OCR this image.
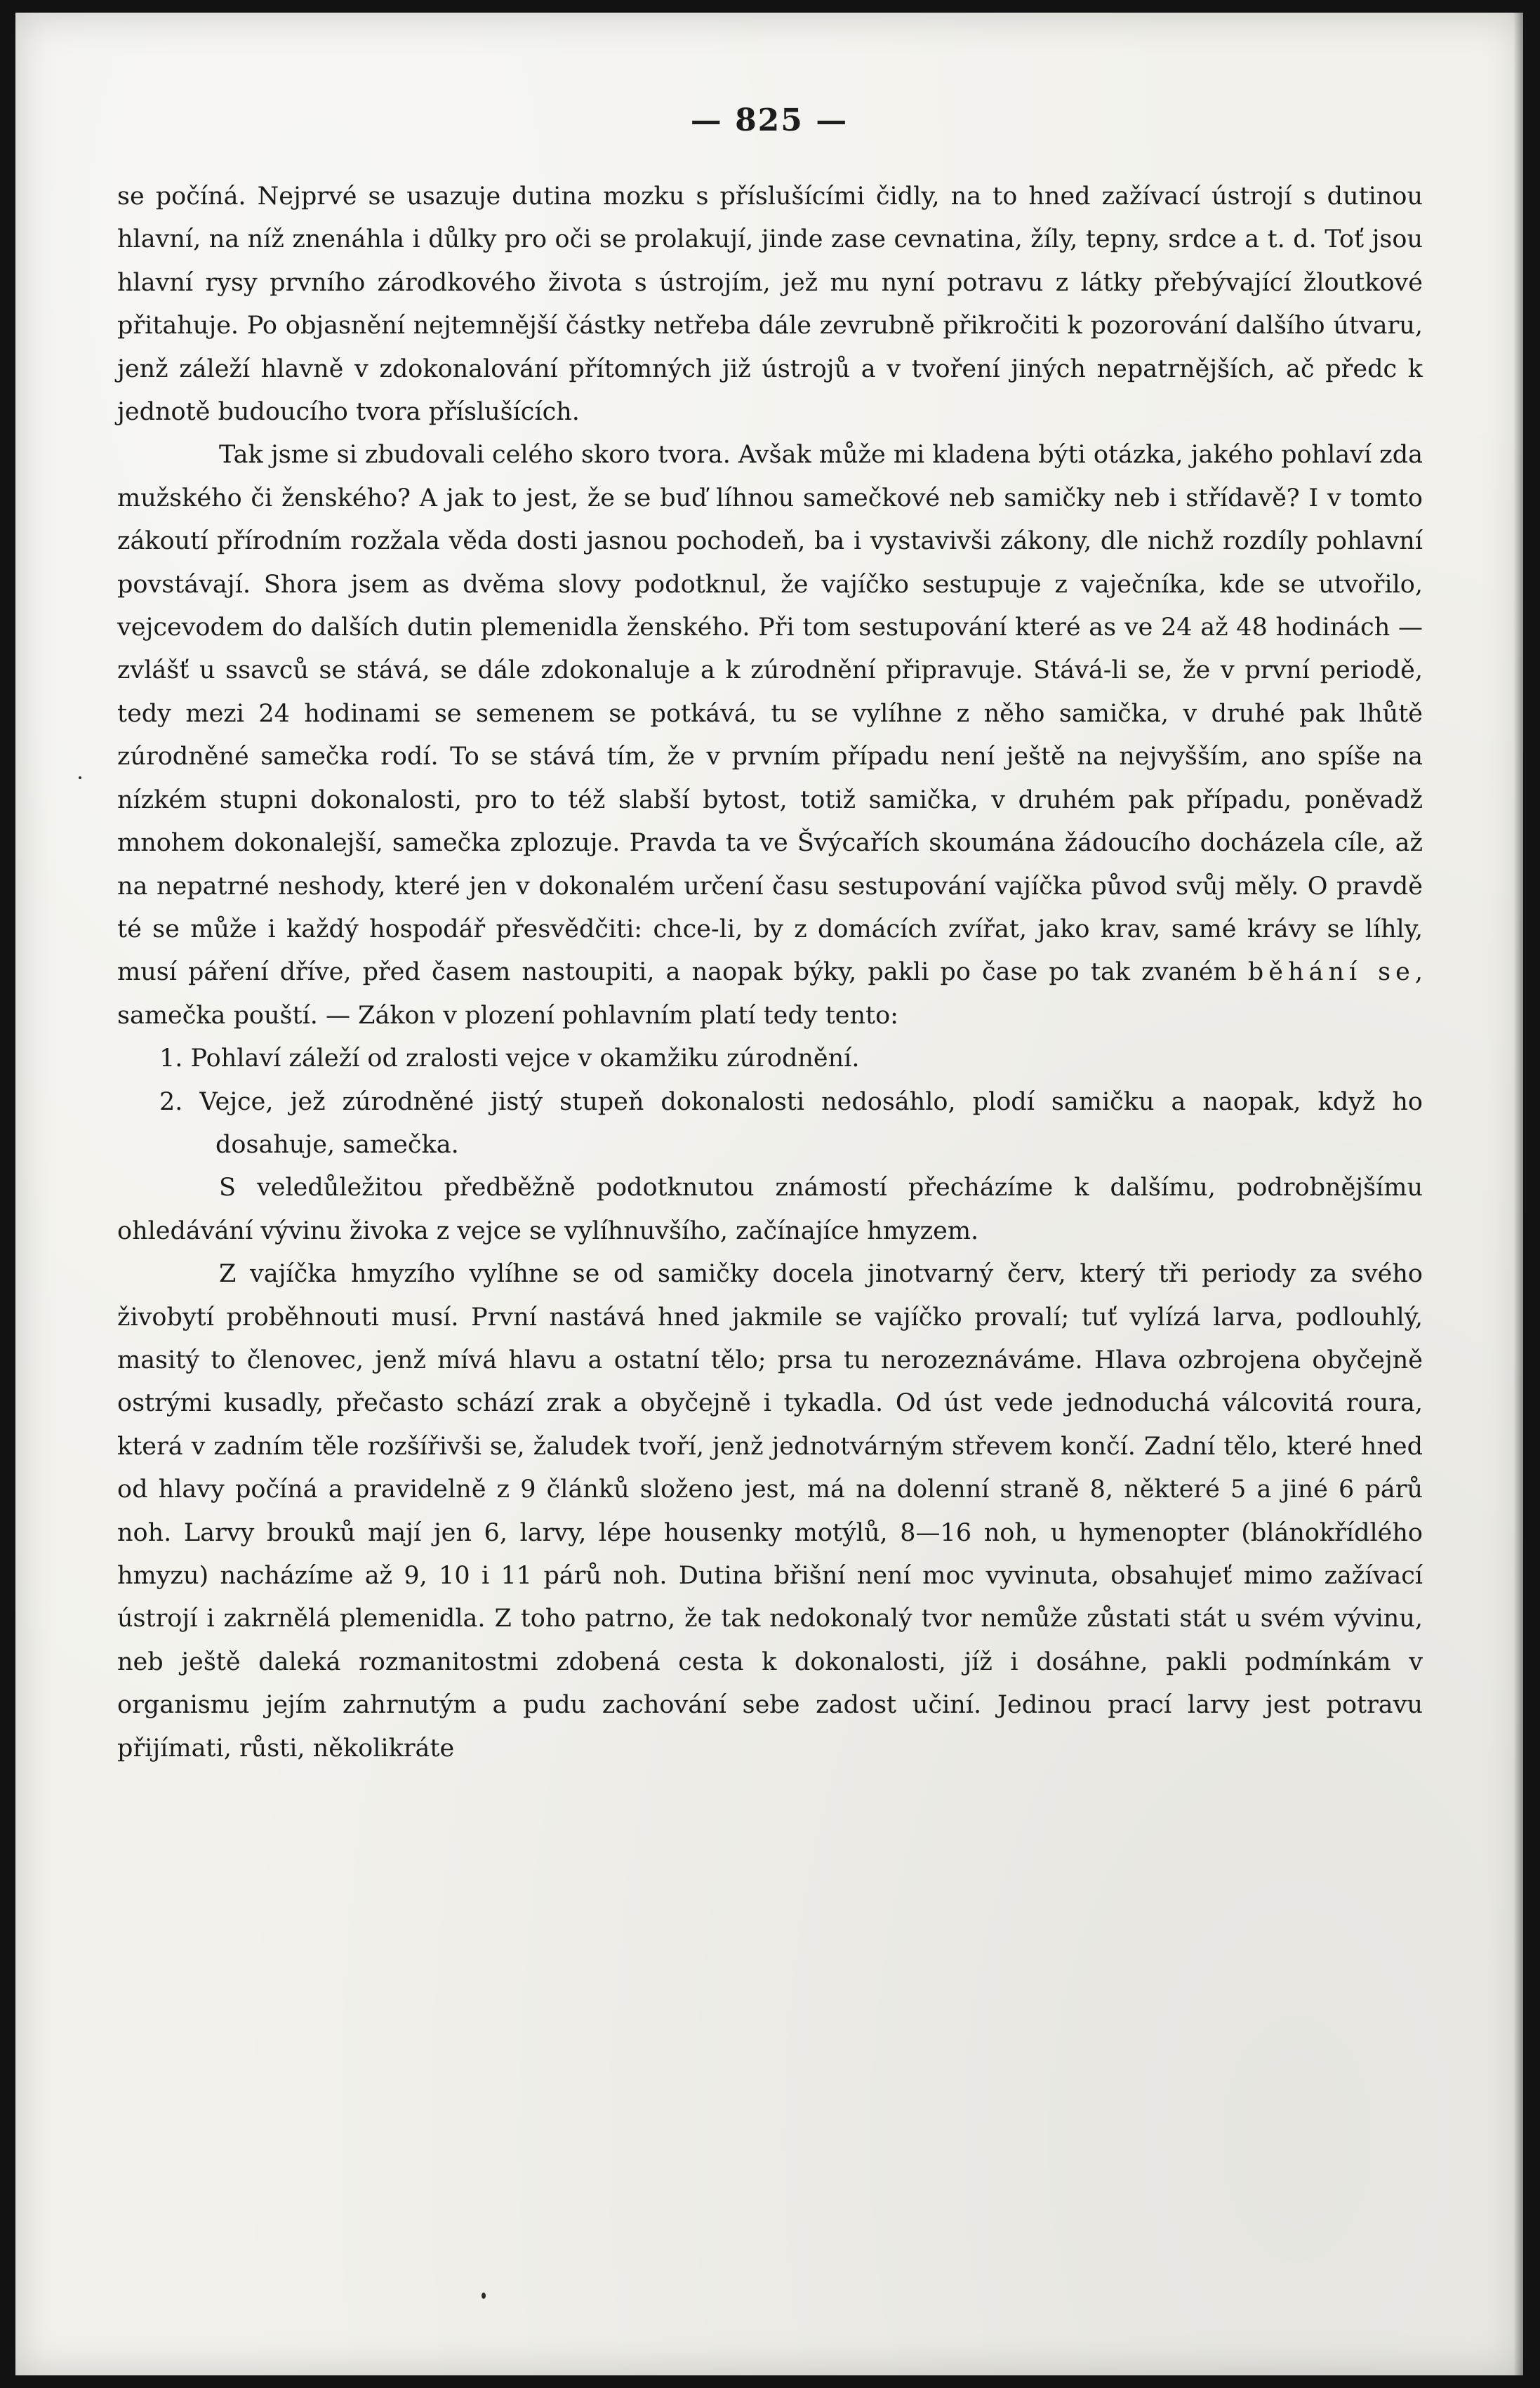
— 825 —

se počíná. Nejprvé se usazuje dutina mozku s příslušícími čidly, na to hned zažívací ústrojí s dutinou hlavní, na níž znenáhla i důlky pro oči se prolakují, jinde zase cevnatina, žíly, tepny, srdce a t. d. Toť jsou hlavní rysy prvního zárodkového života s ústrojím, jež mu nyní potravu z látky přebývající žloutkové přitahuje. Po objasnění nejtemnější částky netřeba dále zevrubně přikročiti k pozorování dalšího útvaru, jenž záleží hlavně v zdokonalování přítomných již ústrojů a v tvoření jiných nepatrnějších, ač předc k jednotě budoucího tvora příslušících.

Tak jsme si zbudovali celého skoro tvora. Avšak může mi kladena býti otázka, jakého pohlaví zda mužského či ženského? A jak to jest, že se buď líhnou samečkové neb samičky neb i střídavě? I v tomto zákoutí přírodním rozžala věda dosti jasnou pochodeň, ba i vystavivši zákony, dle nichž rozdíly pohlavní povstávají. Shora jsem as dvěma slovy podotknul, že vajíčko sestupuje z vaječníka, kde se utvořilo, vejcevodem do dalších dutin plemenidla ženského. Při tom sestupování které as ve 24 až 48 hodinách — zvlášť u ssavců se stává, se dále zdokonaluje a k zúrodnění připravuje. Stává-li se, že v první periodě, tedy mezi 24 hodinami se semenem se potkává, tu se vylíhne z něho samička, v druhé pak lhůtě zúrodněné samečka rodí. To se stává tím, že v prvním případu není ještě na nejvyšším, ano spíše na nízkém stupni dokonalosti, pro to též slabší bytost, totiž samička, v druhém pak případu, poněvadž mnohem dokonalejší, samečka zplozuje. Pravda ta ve Švýcařích skoumána žádoucího docházela cíle, až na nepatrné neshody, které jen v dokonalém určení času sestupování vajíčka původ svůj měly. O pravdě té se může i každý hospodář přesvědčiti: chce-li, by z domácích zvířat, jako krav, samé krávy se líhly, musí páření dříve, před časem nastoupiti, a naopak býky, pakli po čase po tak zvaném běhání se, samečka pouští. — Zákon v plození pohlavním platí tedy tento:

1. Pohlaví záleží od zralosti vejce v okamžiku zúrodnění.

2. Vejce, jež zúrodněné jistý stupeň dokonalosti nedosáhlo, plodí samičku a naopak, když ho dosahuje, samečka.

S veledůležitou předběžně podotknutou známostí přecházíme k dalšímu, podrobnějšímu ohledávání vývinu živoka z vejce se vylíhnuvšího, začínajíce hmyzem.

Z vajíčka hmyzího vylíhne se od samičky docela jinotvarný červ, který tři periody za svého živobytí proběhnouti musí. První nastává hned jakmile se vajíčko provalí; tuť vylízá larva, podlouhlý, masitý to členovec, jenž mívá hlavu a ostatní tělo; prsa tu nerozeznáváme. Hlava ozbrojena obyčejně ostrými kusadly, přečasto schází zrak a obyčejně i tykadla. Od úst vede jednoduchá válcovitá roura, která v zadním těle rozšířivši se, žaludek tvoří, jenž jednotvárným střevem končí. Zadní tělo, které hned od hlavy počíná a pravidelně z 9 článků složeno jest, má na dolenní straně 8, některé 5 a jiné 6 párů noh. Larvy brouků mají jen 6, larvy, lépe housenky motýlů, 8—16 noh, u hymenopter (blánokřídlého hmyzu) nacházíme až 9, 10 i 11 párů noh. Dutina břišní není moc vyvinuta, obsahujeť mimo zažívací ústrojí i zakrnělá plemenidla. Z toho patrno, že tak nedokonalý tvor nemůže zůstati stát u svém vývinu, neb ještě daleká rozmanitostmi zdobená cesta k dokonalosti, jíž i dosáhne, pakli podmínkám v organismu jejím zahrnutým a pudu zachování sebe zadost učiní. Jedinou prací larvy jest potravu přijímati, růsti, několikráte
